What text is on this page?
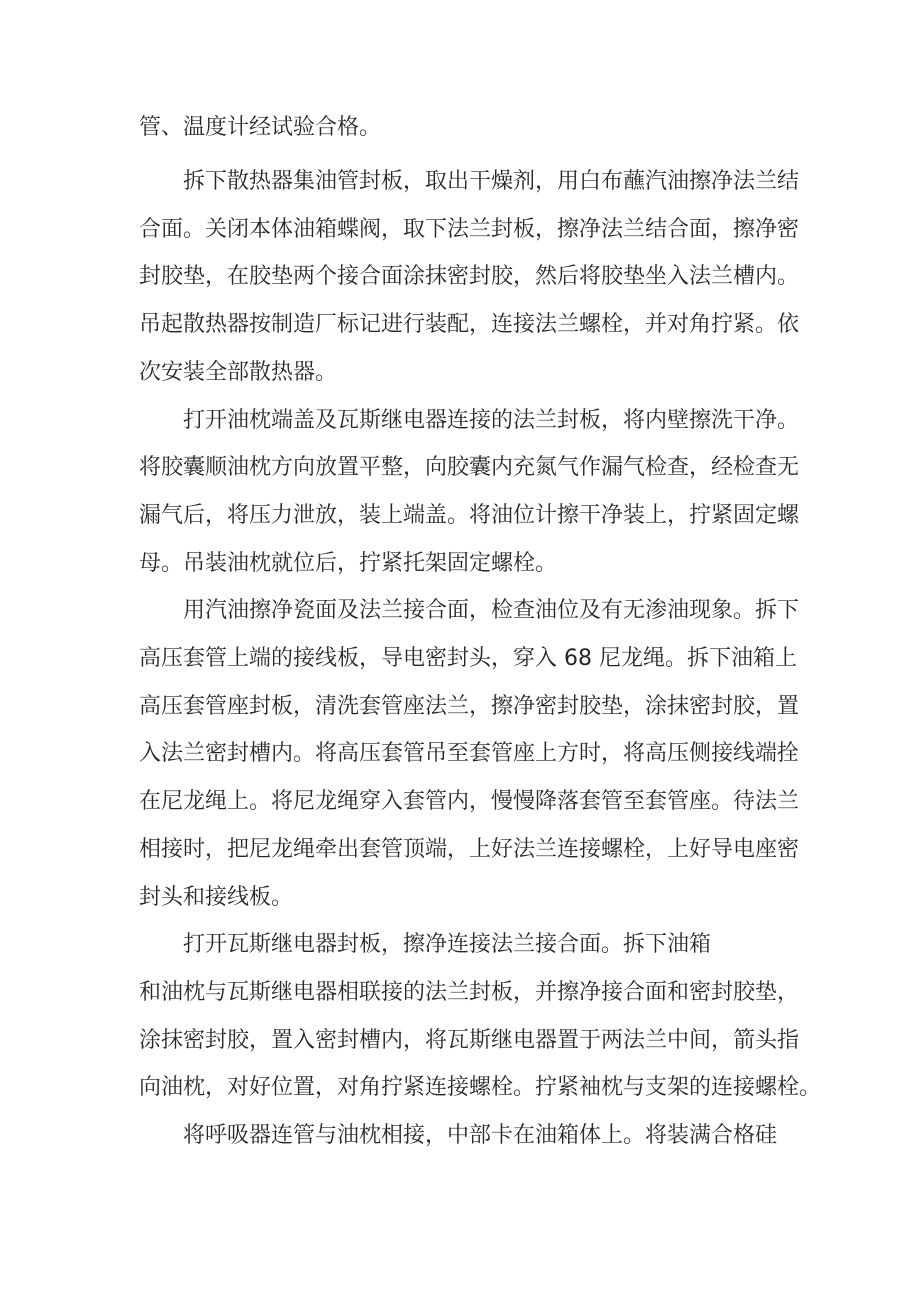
管、温度计经试验合格。
拆下散热器集油管封板，取出干燥剂，用白布蘸汽油擦净法兰结
合面。关闭本体油箱蝶阀，取下法兰封板，擦净法兰结合面，擦净密
封胶垫，在胶垫两个接合面涂抹密封胶，然后将胶垫坐入法兰槽内。
吊起散热器按制造厂标记进行装配，连接法兰螺栓，并对角拧紧。依
次安装全部散热器。
打开油枕端盖及瓦斯继电器连接的法兰封板，将内壁擦洗干净。
将胶囊顺油枕方向放置平整，向胶囊内充氮气作漏气检查，经检查无
漏气后，将压力泄放，装上端盖。将油位计擦干净装上，拧紧固定螺
母。吊装油枕就位后，拧紧托架固定螺栓。
用汽油擦净瓷面及法兰接合面，检查油位及有无渗油现象。拆下
高压套管上端的接线板，导电密封头，穿入 68 尼龙绳。拆下油箱上
高压套管座封板，清洗套管座法兰，擦净密封胶垫，涂抹密封胶，置
入法兰密封槽内。将高压套管吊至套管座上方时，将高压侧接线端拴
在尼龙绳上。将尼龙绳穿入套管内，慢慢降落套管至套管座。待法兰
相接时，把尼龙绳牵出套管顶端，上好法兰连接螺栓，上好导电座密
封头和接线板。
打开瓦斯继电器封板，擦净连接法兰接合面。拆下油箱
和油枕与瓦斯继电器相联接的法兰封板，并擦净接合面和密封胶垫，
涂抹密封胶，置入密封槽内，将瓦斯继电器置于两法兰中间，箭头指
向油枕，对好位置，对角拧紧连接螺栓。拧紧袖枕与支架的连接螺栓。
将呼吸器连管与油枕相接，中部卡在油箱体上。将装满合格硅
